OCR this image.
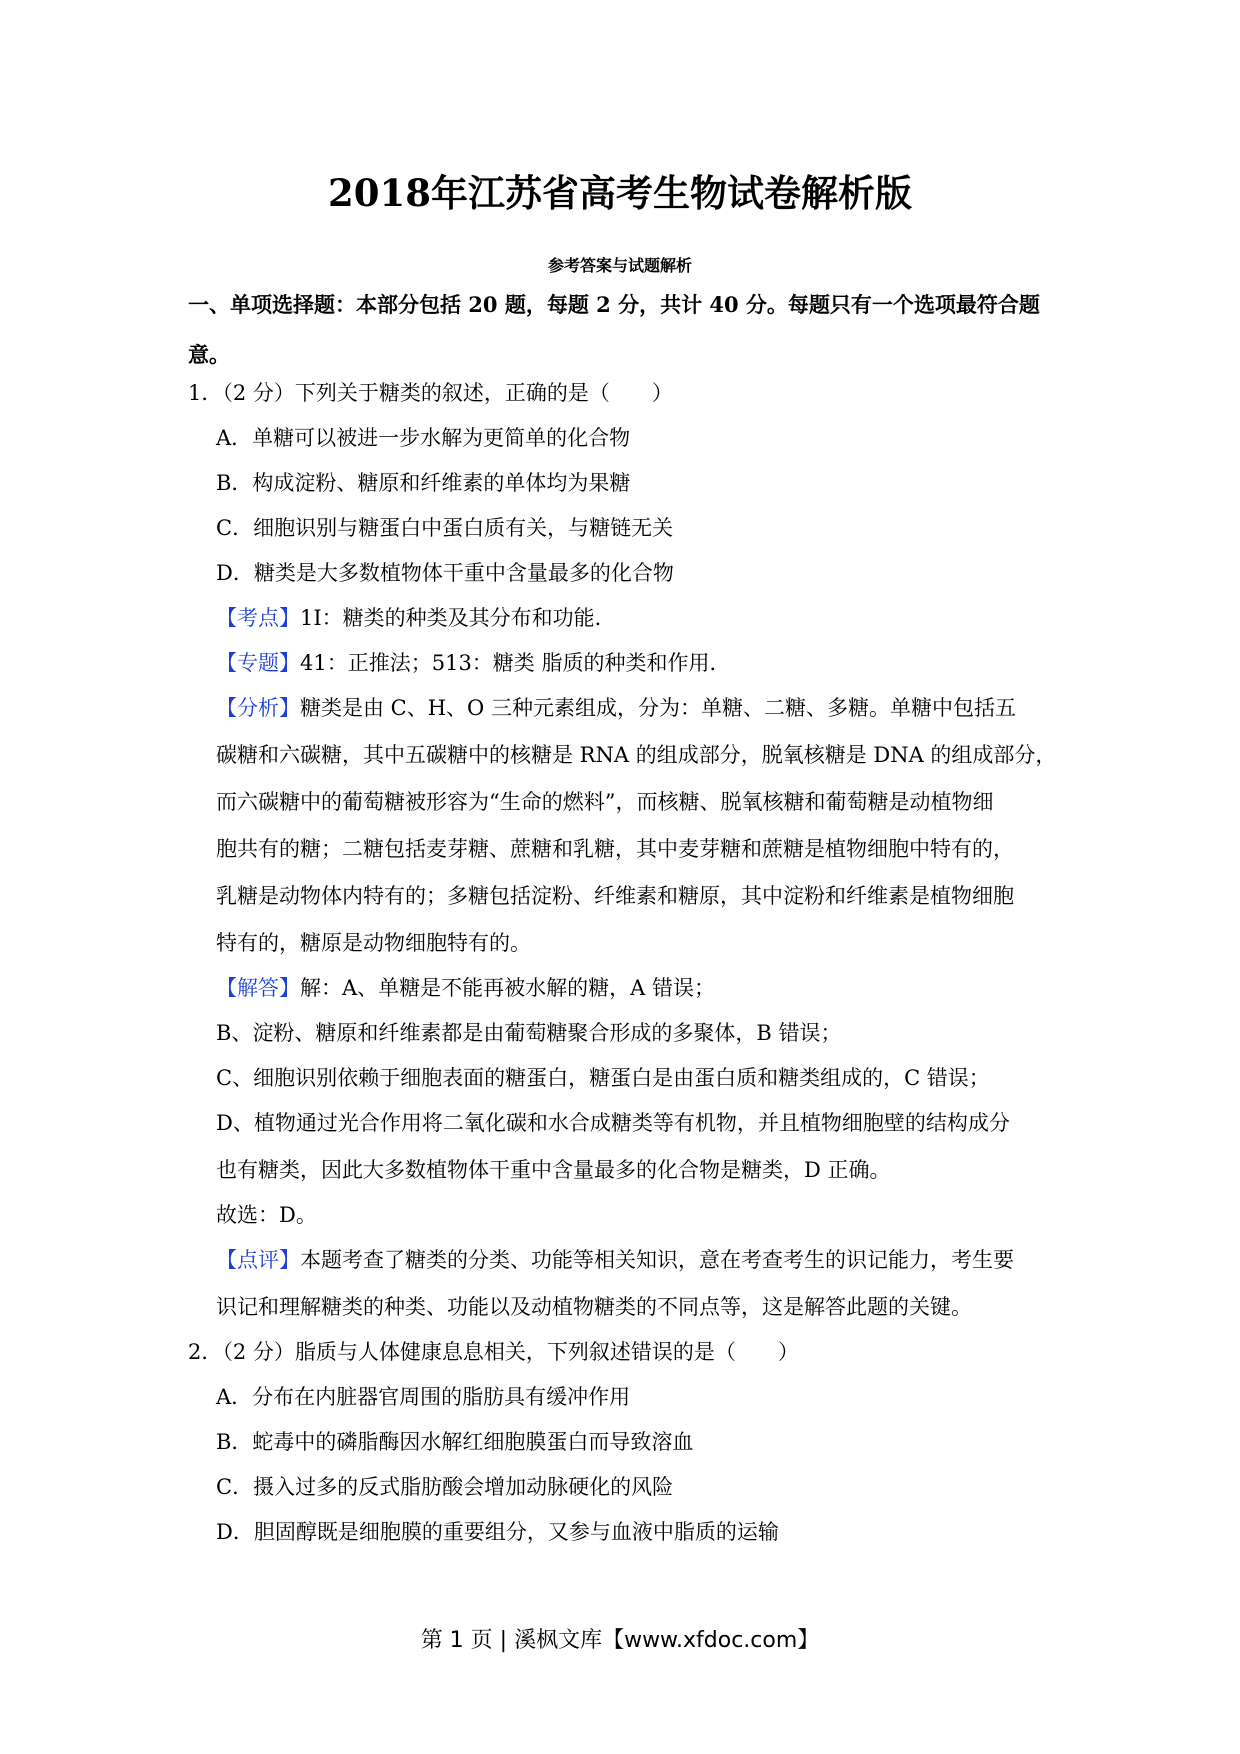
2018年江苏省高考生物试卷解析版
参考答案与试题解析
一、单项选择题：本部分包括 20 题，每题 2 分，共计 40 分。每题只有一个选项最符合题意。
1．（2 分）下列关于糖类的叙述，正确的是（　　）
A．单糖可以被进一步水解为更简单的化合物
B．构成淀粉、糖原和纤维素的单体均为果糖
C．细胞识别与糖蛋白中蛋白质有关，与糖链无关
D．糖类是大多数植物体干重中含量最多的化合物
【考点】1I：糖类的种类及其分布和功能．
【专题】41：正推法；513：糖类 脂质的种类和作用．
【分析】糖类是由 C、H、O 三种元素组成，分为：单糖、二糖、多糖。单糖中包括五
碳糖和六碳糖，其中五碳糖中的核糖是 RNA 的组成部分，脱氧核糖是 DNA 的组成部分，
而六碳糖中的葡萄糖被形容为“生命的燃料”，而核糖、脱氧核糖和葡萄糖是动植物细
胞共有的糖；二糖包括麦芽糖、蔗糖和乳糖，其中麦芽糖和蔗糖是植物细胞中特有的，
乳糖是动物体内特有的；多糖包括淀粉、纤维素和糖原，其中淀粉和纤维素是植物细胞
特有的，糖原是动物细胞特有的。
【解答】解：A、单糖是不能再被水解的糖，A 错误；
B、淀粉、糖原和纤维素都是由葡萄糖聚合形成的多聚体，B 错误；
C、细胞识别依赖于细胞表面的糖蛋白，糖蛋白是由蛋白质和糖类组成的，C 错误；
D、植物通过光合作用将二氧化碳和水合成糖类等有机物，并且植物细胞壁的结构成分
也有糖类，因此大多数植物体干重中含量最多的化合物是糖类，D 正确。
故选：D。
【点评】本题考查了糖类的分类、功能等相关知识，意在考查考生的识记能力，考生要
识记和理解糖类的种类、功能以及动植物糖类的不同点等，这是解答此题的关键。
2．（2 分）脂质与人体健康息息相关，下列叙述错误的是（　　）
A．分布在内脏器官周围的脂肪具有缓冲作用
B．蛇毒中的磷脂酶因水解红细胞膜蛋白而导致溶血
C．摄入过多的反式脂肪酸会增加动脉硬化的风险
D．胆固醇既是细胞膜的重要组分，又参与血液中脂质的运输
第 1 页 | 溪枫文库【www.xfdoc.com】
